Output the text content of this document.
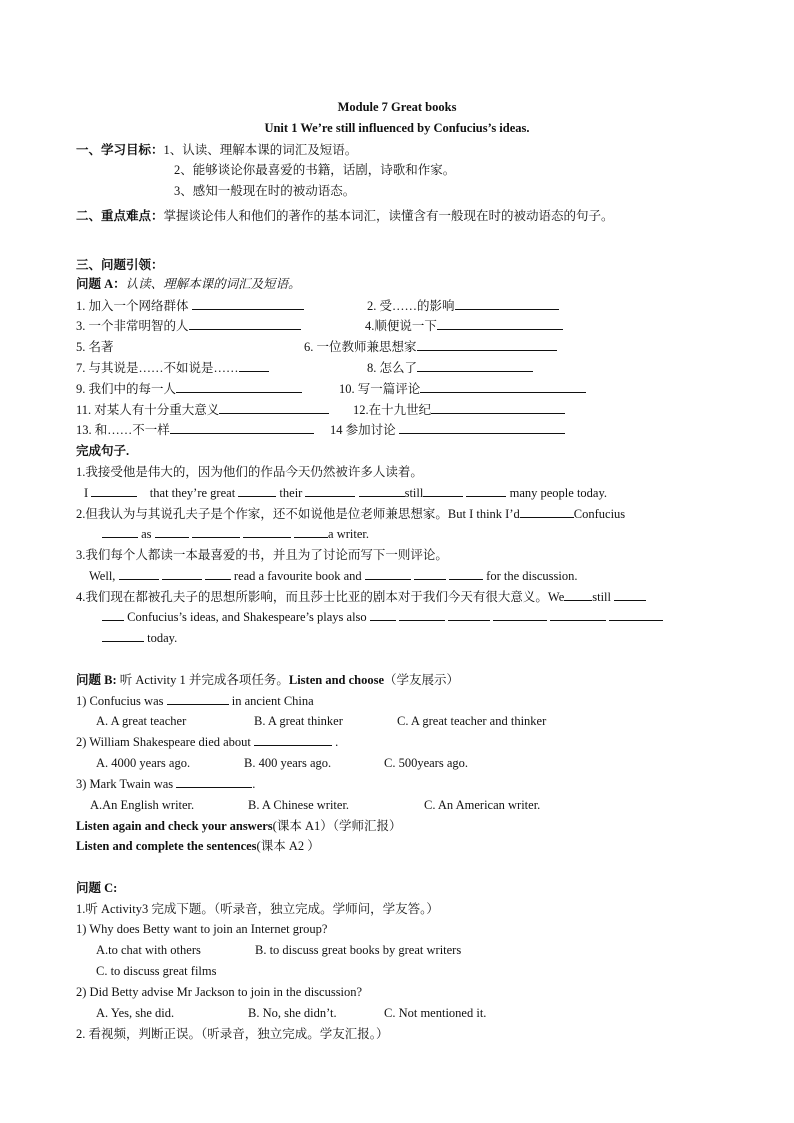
Module 7 Great books
Unit 1 We’re still influenced by Confucius’s ideas.
一、学习目标：1、认读、理解本课的词汇及短语。
2、能够谈论你最喜爱的书籍，话剧，诗歌和作家。
3、感知一般现在时的被动语态。
二、重点难点：掌握谈论伟人和他们的著作的基本词汇，读懂含有一般现在时的被动语态的句子。
三、问题引领：
问题 A：认读、理解本课的词汇及短语。
1. 加入一个网络群体	2. 受……的影响
3. 一个非常明智的人	4.顺便说一下
5. 名著	6. 一位教师兼思想家
7. 与其说是……不如说是……	8. 怎么了
9. 我们中的每一人	10. 写一篇评论
11. 对某人有十分重大意义	12.在十九世纪
13. 和……不一样	14 参加讨论
完成句子.
1.我接受他是伟大的，因为他们的作品今天仍然被许多人读着。
I	that they’re great	their	still	many people today.
2.但我认为与其说孔夫子是个作家，还不如说他是位老师兼思想家。But I think I’d	Confucius
as	a writer.
3.我们每个人都读一本最喜爱的书，并且为了讨论而写下一则评论。
Well,	read a favourite book and	for the discussion.
4.我们现在都被孔夫子的思想所影响，而且莎士比亚的剧本对于我们今天有很大意义。We still
Confucius’s ideas, and Shakespeare’s plays also
today.
问题 B: 听 Activity 1 并完成各项任务。Listen and choose（学友展示）
1) Confucius was	in ancient China
A. A great teacher	B. A great thinker	C. A great teacher and thinker
2) William Shakespeare died about	.
A. 4000 years ago.	B. 400 years ago.	C. 500years ago.
3) Mark Twain was	.
A.An English writer.	B. A Chinese writer.	C. An American writer.
Listen again and check your answers(课本 A1）（学师汇报）
Listen and complete the sentences(课本 A2 ）
问题 C:
1.听 Activity3 完成下题。（听录音，独立完成。学师问，学友答。）
1) Why does Betty want to join an Internet group?
A.to chat with others	B. to discuss great books by great writers
C. to discuss great films
2) Did Betty advise Mr Jackson to join in the discussion?
A. Yes, she did.	B. No, she didn’t.	C. Not mentioned it.
2. 看视频，判断正误。（听录音，独立完成。学友汇报。）
